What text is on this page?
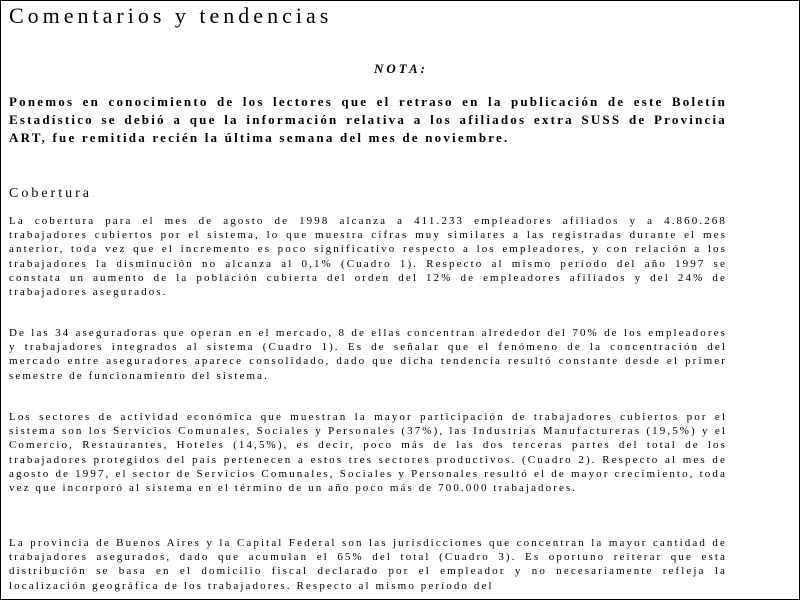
Comentarios y tendencias
NOTA:

Ponemos en conocimiento de los lectores que el retraso en la publicación de este Boletín Estadístico se debió a que la información relativa a los afiliados extra SUSS de Provincia ART, fue remitida recién la última semana del mes de noviembre.

Cobertura

La cobertura para el mes de agosto de 1998 alcanza a 411.233 empleadores afiliados y a 4.860.268 trabajadores cubiertos por el sistema, lo que muestra cifras muy similares a las registradas durante el mes anterior, toda vez que el incremento es poco significativo respecto a los empleadores, y con relación a los trabajadores la disminución no alcanza al 0,1% (Cuadro 1). Respecto al mismo período del año 1997 se constata un aumento de la población cubierta del orden del 12% de empleadores afiliados y del 24% de trabajadores asegurados.

De las 34 aseguradoras que operan en el mercado, 8 de ellas concentran alrededor del 70% de los empleadores y trabajadores integrados al sistema (Cuadro 1). Es de señalar que el fenómeno de la concentración del mercado entre aseguradores aparece consolidado, dado que dicha tendencia resultó constante desde el primer semestre de funcionamiento del sistema.

Los sectores de actividad económica que muestran la mayor participación de trabajadores cubiertos por el sistema son los Servicios Comunales, Sociales y Personales (37%), las Industrias Manufactureras (19,5%) y el Comercio, Restaurantes, Hoteles (14,5%), es decir, poco más de las dos terceras partes del total de los trabajadores protegidos del país pertenecen a estos tres sectores productivos. (Cuadro 2). Respecto al mes de agosto de 1997, el sector de Servicios Comunales, Sociales y Personales resultó el de mayor crecimiento, toda vez que incorporó al sistema en el término de un año poco más de 700.000 trabajadores.

La provincia de Buenos Aires y la Capital Federal son las jurisdicciones que concentran la mayor cantidad de trabajadores asegurados, dado que acumulan el 65% del total (Cuadro 3). Es oportuno reiterar que esta distribución se basa en el domicilio fiscal declarado por el empleador y no necesariamente refleja la localización geográfica de los trabajadores. Respecto al mismo período del
